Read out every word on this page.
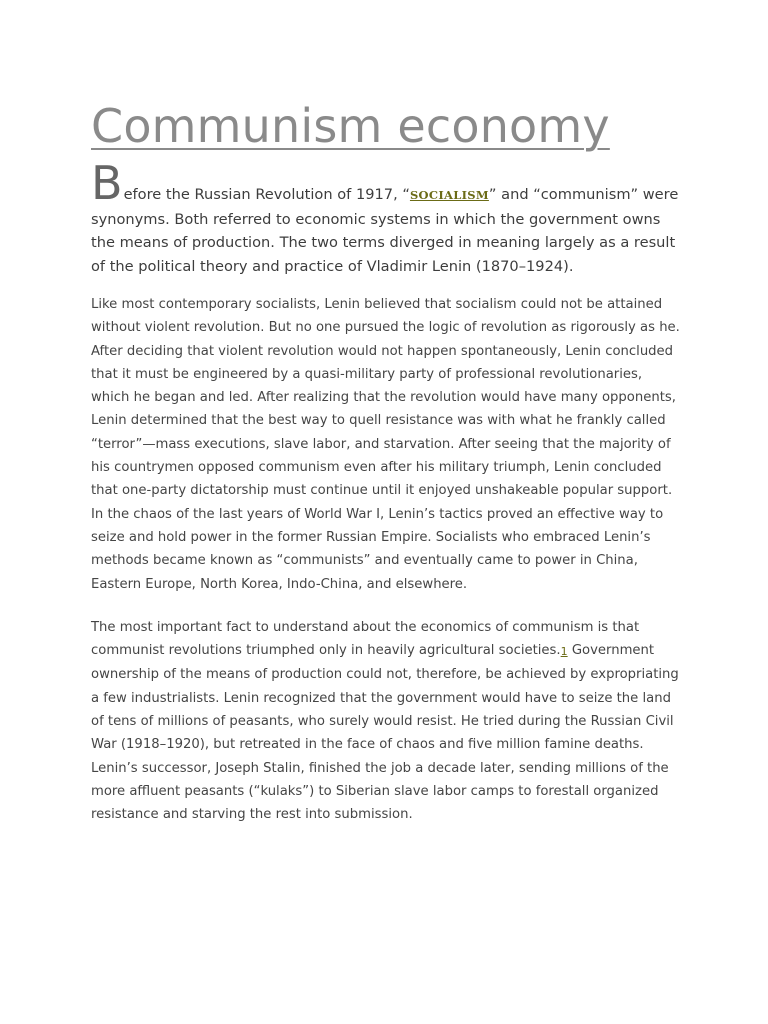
Communism economy

Before the Russian Revolution of 1917, “SOCIALISM” and “communism” were synonyms. Both referred to economic systems in which the government owns the means of production. The two terms diverged in meaning largely as a result of the political theory and practice of Vladimir Lenin (1870–1924).

Like most contemporary socialists, Lenin believed that socialism could not be attained without violent revolution. But no one pursued the logic of revolution as rigorously as he. After deciding that violent revolution would not happen spontaneously, Lenin concluded that it must be engineered by a quasi-military party of professional revolutionaries, which he began and led. After realizing that the revolution would have many opponents, Lenin determined that the best way to quell resistance was with what he frankly called “terror”—mass executions, slave labor, and starvation. After seeing that the majority of his countrymen opposed communism even after his military triumph, Lenin concluded that one-party dictatorship must continue until it enjoyed unshakeable popular support. In the chaos of the last years of World War I, Lenin’s tactics proved an effective way to seize and hold power in the former Russian Empire. Socialists who embraced Lenin’s methods became known as “communists” and eventually came to power in China, Eastern Europe, North Korea, Indo-China, and elsewhere.

The most important fact to understand about the economics of communism is that communist revolutions triumphed only in heavily agricultural societies.1 Government ownership of the means of production could not, therefore, be achieved by expropriating a few industrialists. Lenin recognized that the government would have to seize the land of tens of millions of peasants, who surely would resist. He tried during the Russian Civil War (1918–1920), but retreated in the face of chaos and five million famine deaths. Lenin’s successor, Joseph Stalin, finished the job a decade later, sending millions of the more affluent peasants (“kulaks”) to Siberian slave labor camps to forestall organized resistance and starving the rest into submission.
